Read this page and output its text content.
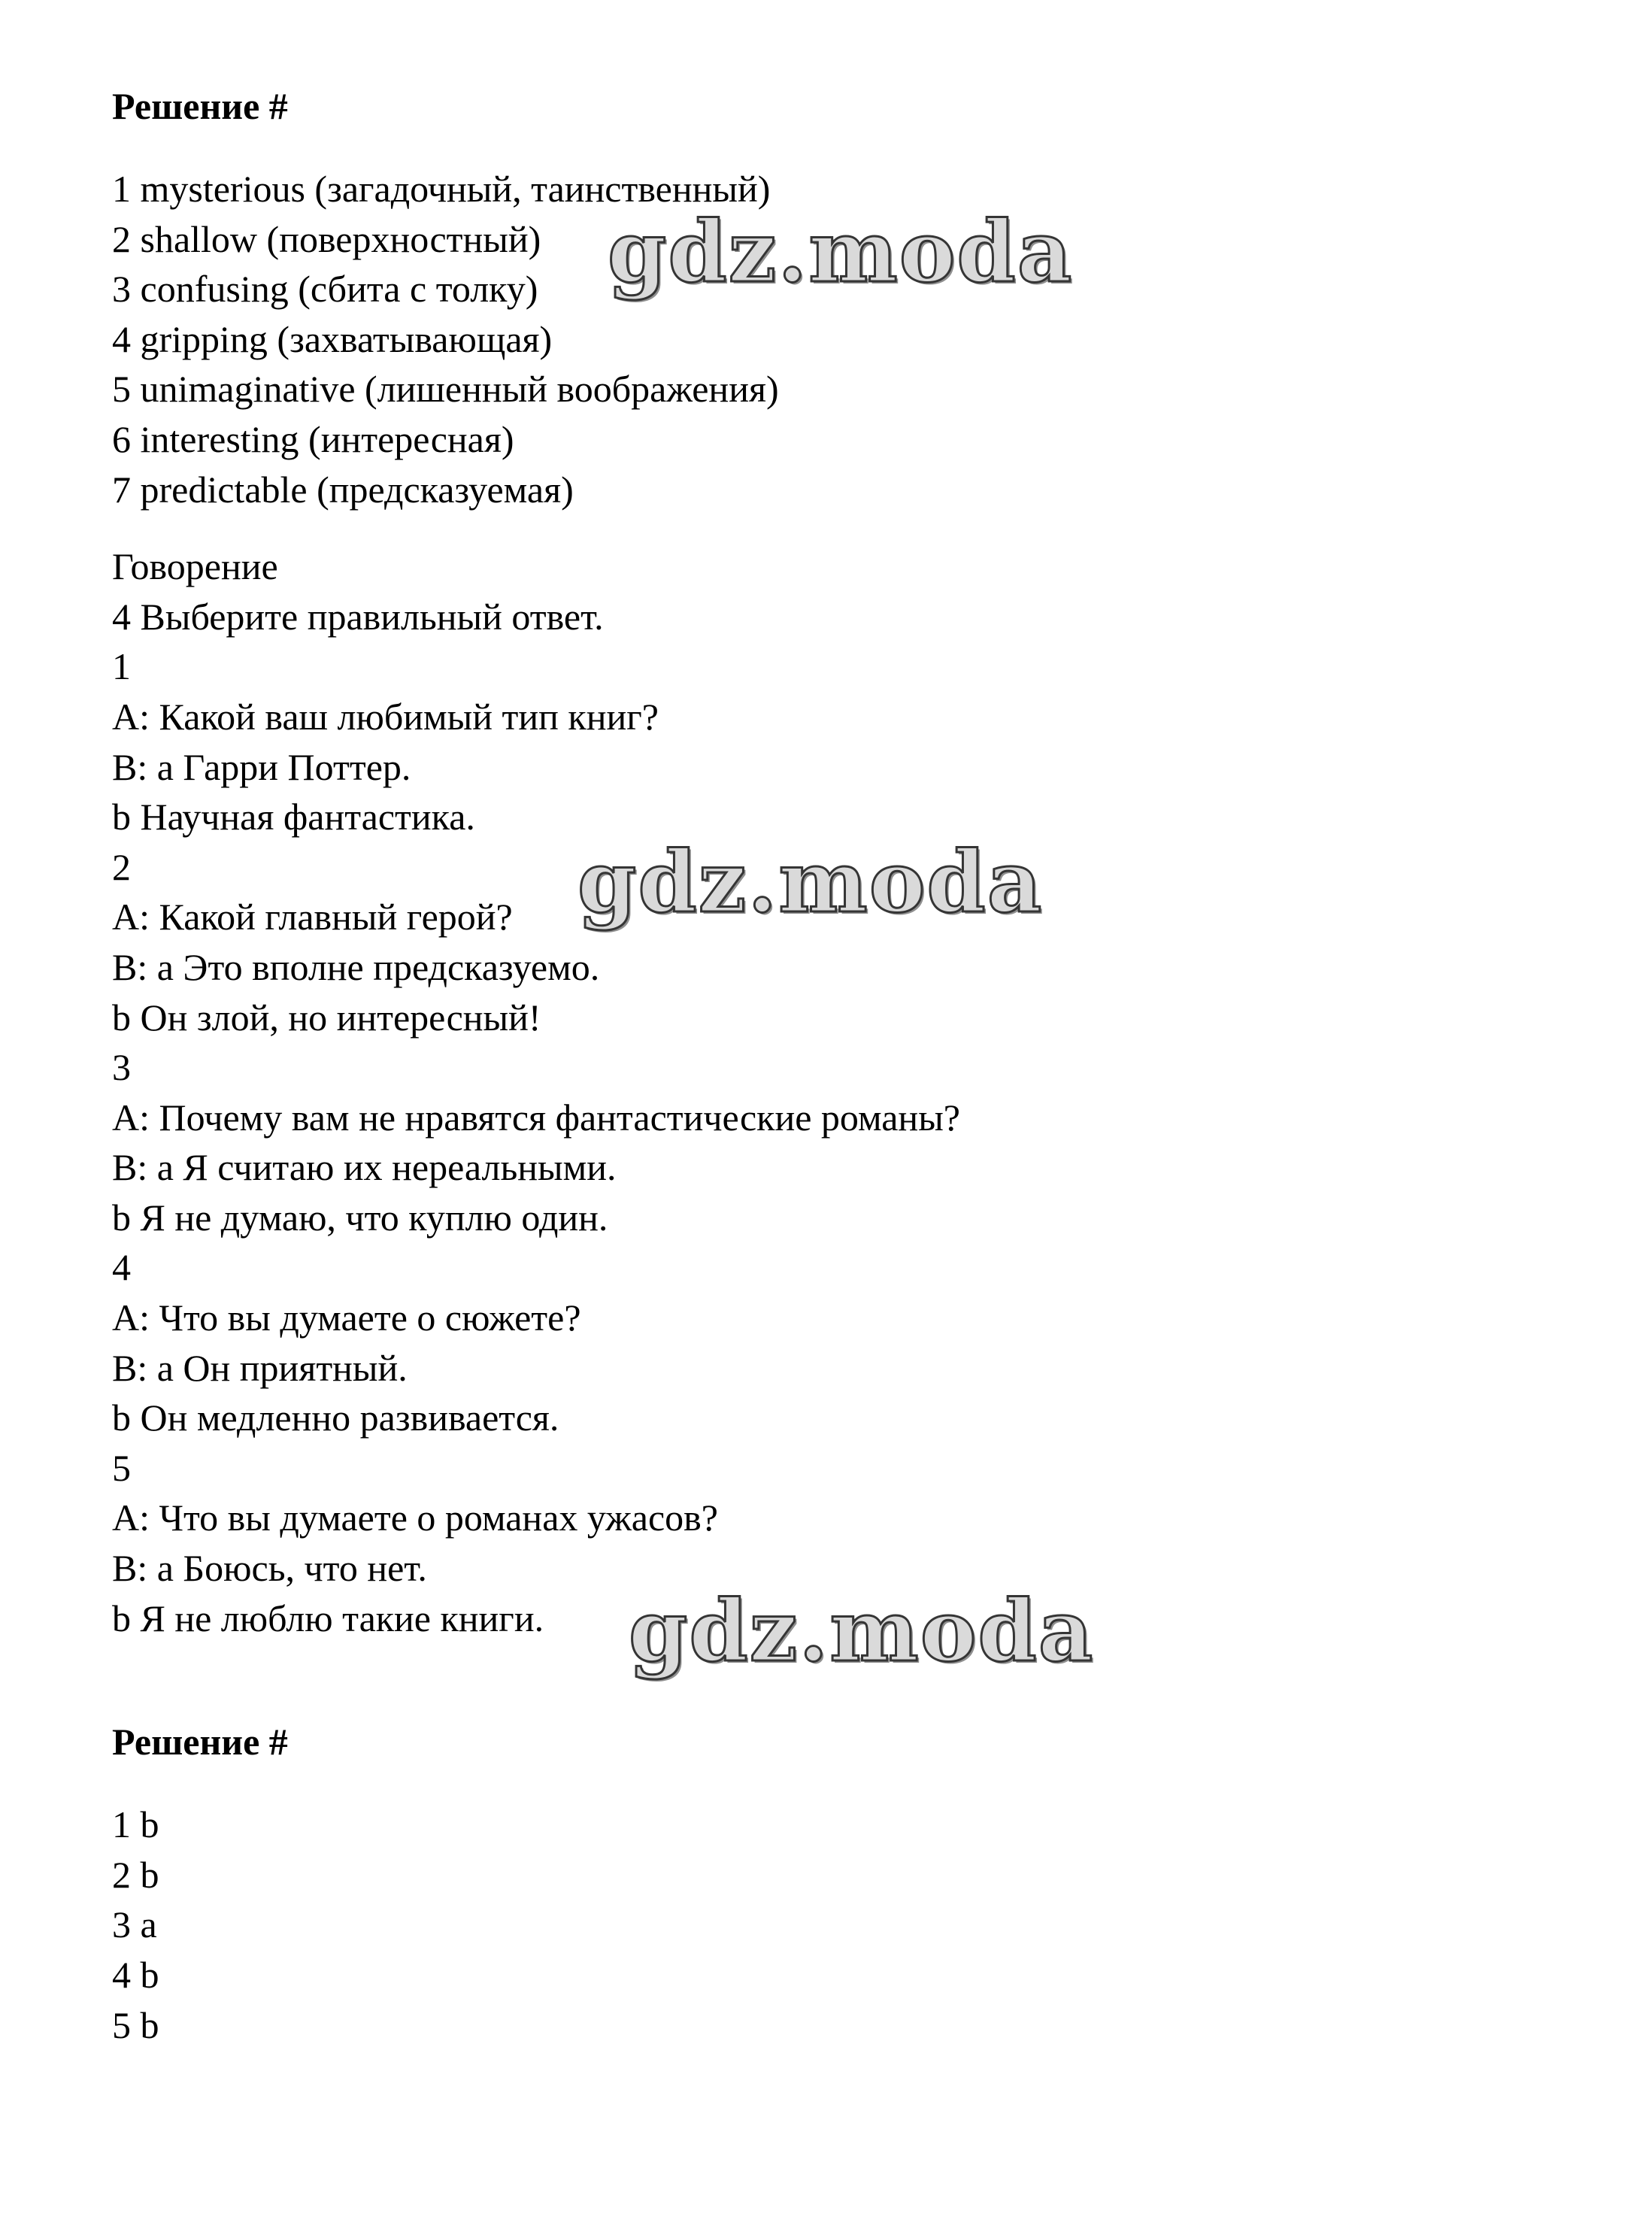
Решение #
1 mysterious (загадочный, таинственный)
2 shallow (поверхностный)
3 confusing (сбита с толку)
4 gripping (захватывающая)
5 unimaginative (лишенный воображения)
6 interesting (интересная)
7 predictable (предсказуемая)
Говорение
4 Выберите правильный ответ.
1
A: Какой ваш любимый тип книг?
B: a Гарри Поттер.
b Научная фантастика.
2
A: Какой главный герой?
B: a Это вполне предсказуемо.
b Он злой, но интересный!
3
A: Почему вам не нравятся фантастические романы?
B: a Я считаю их нереальными.
b Я не думаю, что куплю один.
4
A: Что вы думаете о сюжете?
B: a Он приятный.
b Он медленно развивается.
5
A: Что вы думаете о романах ужасов?
B: a Боюсь, что нет.
b Я не люблю такие книги.
Решение #
1 b
2 b
3 a
4 b
5 b
gdz.moda
gdz.moda
gdz.moda
